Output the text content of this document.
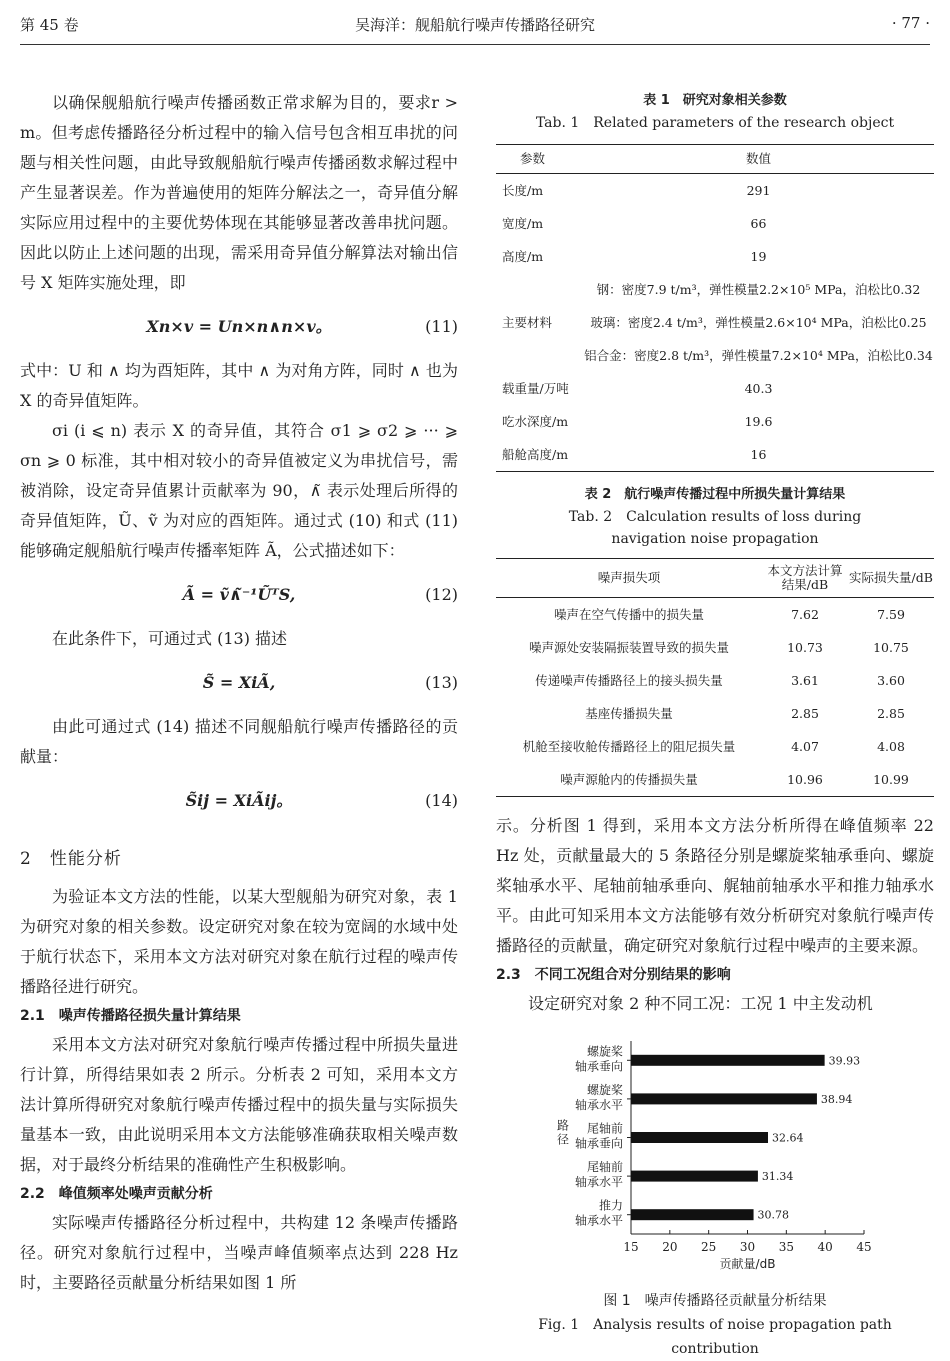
第 45 卷	吴海洋：舰船航行噪声传播路径研究	· 77 ·

以确保舰船航行噪声传播函数正常求解为目的，要求r > m。但考虑传播路径分析过程中的输入信号包含相互串扰的问题与相关性问题，由此导致舰船航行噪声传播函数求解过程中产生显著误差。作为普遍使用的矩阵分解法之一，奇异值分解实际应用过程中的主要优势体现在其能够显著改善串扰问题。因此以防止上述问题的出现，需采用奇异值分解算法对输出信号 X 矩阵实施处理，即

Xn×v = Un×n∧n×v。	(11)

式中：U 和 ∧ 均为酉矩阵，其中 ∧ 为对角方阵，同时 ∧ 也为 X 的奇异值矩阵。

σi (i ⩽ n) 表示 X 的奇异值，其符合 σ1 ⩾ σ2 ⩾ ··· ⩾ σn ⩾ 0 标准，其中相对较小的奇异值被定义为串扰信号，需被消除，设定奇异值累计贡献率为 90，∧̃ 表示处理后所得的奇异值矩阵，Ũ、ṽ 为对应的酉矩阵。通过式 (10) 和式 (11) 能够确定舰船航行噪声传播率矩阵 Ã，公式描述如下：

Ã = ṽ∧̃⁻¹ŨᵀS,	(12)

在此条件下，可通过式 (13) 描述

S̃ = XiÃ,	(13)

由此可通过式 (14) 描述不同舰船航行噪声传播路径的贡献量：

S̃ij = XiÃij。	(14)
2　性能分析

为验证本文方法的性能，以某大型舰船为研究对象，表 1 为研究对象的相关参数。设定研究对象在较为宽阔的水域中处于航行状态下，采用本文方法对研究对象在航行过程的噪声传播路径进行研究。

2.1　噪声传播路径损失量计算结果

采用本文方法对研究对象航行噪声传播过程中所损失量进行计算，所得结果如表 2 所示。分析表 2 可知，采用本文方法计算所得研究对象航行噪声传播过程中的损失量与实际损失量基本一致，由此说明采用本文方法能够准确获取相关噪声数据，对于最终分析结果的准确性产生积极影响。

2.2　峰值频率处噪声贡献分析

实际噪声传播路径分析过程中，共构建 12 条噪声传播路径。研究对象航行过程中，当噪声峰值频率点达到 228 Hz 时，主要路径贡献量分析结果如图 1 所

表 1　研究对象相关参数
Tab. 1　Related parameters of the research object
参数	数值
长度/m	291
宽度/m	66
高度/m	19
	钢：密度7.9 t/m³，弹性模量2.2×10⁵ MPa，泊松比0.32
主要材料	玻璃：密度2.4 t/m³，弹性模量2.6×10⁴ MPa，泊松比0.25
	铝合金：密度2.8 t/m³，弹性模量7.2×10⁴ MPa，泊松比0.34
载重量/万吨	40.3
吃水深度/m	19.6
船舱高度/m	16
表 2　航行噪声传播过程中所损失量计算结果
Tab. 2　Calculation results of loss during navigation noise propagation
噪声损失项	本文方法计算结果/dB	实际损失量/dB
噪声在空气传播中的损失量	7.62	7.59
噪声源处安装隔振装置导致的损失量	10.73	10.75
传递噪声传播路径上的接头损失量	3.61	3.60
基座传播损失量	2.85	2.85
机舱至接收舱传播路径上的阻尼损失量	4.07	4.08
噪声源舱内的传播损失量	10.96	10.99

示。分析图 1 得到，采用本文方法分析所得在峰值频率 22 Hz 处，贡献量最大的 5 条路径分别是螺旋桨轴承垂向、螺旋桨轴承水平、尾轴前轴承垂向、艉轴前轴承水平和推力轴承水平。由此可知采用本文方法能够有效分析研究对象航行噪声传播路径的贡献量，确定研究对象航行过程中噪声的主要来源。

2.3　不同工况组合对分别结果的影响

设定研究对象 2 种不同工况：工况 1 中主发动机

15 20 25 30 35 40 45
39.93
螺旋桨轴承垂向
38.94
螺旋桨轴承水平
32.64
尾轴前轴承垂向
31.34
尾轴前轴承水平
30.78
推力轴承水平
路径
贡献量/dB
图 1　噪声传播路径贡献量分析结果
Fig. 1　Analysis results of noise propagation path contribution
